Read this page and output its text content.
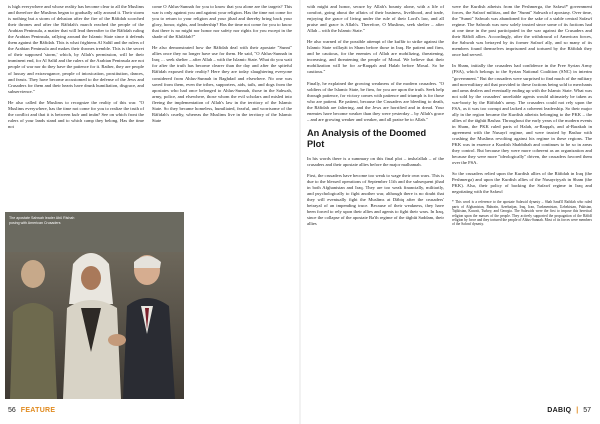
is high everywhere and whose reality has become clear to all the Muslims and therefore the Muslims began to gradually rally around it. Their storm is nothing but a storm of delusion after the fire of the Rāfidah scorched their thrones and after the Rāfidah's march reached the people of the Arabian Peninsula, a matter that will lead thereafter to the Rāfidah ruling the Arabian Peninsula, rallying around the Islamic State since it defends them against the Rāfidah. This is what frightens Al Salūl and the rulers of the Arabian Peninsula and makes their thrones tremble. This is the secret of their supposed 'storm,' which, by Allah's permission, will be their imminent end, for Al Salūl and the rulers of the Arabian Peninsula are not people of war nor do they have the patience for it. Rather, they are people of luxury and extravagance, people of intoxication, prostitution, dances, and feasts. They have become accustomed to the defense of the Jews and Crusaders for them and their hearts have drunk humiliation, disgrace, and subservience."

He also called the Muslims to recognize the reality of this war. "O Muslims everywhere, has the time not come for you to realize the truth of the conflict and that it is between kufr and imān? See on which front the rulers of your lands stand and to which camp they belong. Has the time not

come O Ahlus-Sunnah for you to know that you alone are the targets? This war is only against you and against your religion. Has the time not come for you to return to your religion and your jihad and thereby bring back your glory, honor, rights, and leadership? Has the time not come for you to know that there is no might nor honor nor safety nor rights for you except in the shade of the Khilāfah?"

He also demonstrated how the Rāfidah deal with their apostate "Sunni" allies once they no longer have use for them. He said, "O Ahlus-Sunnah in Iraq … seek shelter – after Allah – with the Islamic State. What do you wait for after the truth has become clearer than the day and after the spiteful Rāfidah exposed their reality? Here they are today slaughtering everyone considered from Ahlus-Sunnah in Baghdad and elsewhere. No one was saved from them, even the tribes, supporters, aids, tails, and dogs from the apostates who had once belonged to Ahlus-Sunnah, those in the Sahwah, army, police, and elsewhere, those whom the evil scholars and misled into fleeing the implementation of Allah's law in the territory of the Islamic State. So they became homeless, humiliated, fearful, and worrisome of the Rāfidah's cruelty, whereas the Muslims live in the territory of the Islamic State

The apostate Sahwah leader Abū Rishah posing with American Crusaders
56 FEATURE

with might and honor, secure by Allah's bounty alone, with a life of comfort, going about the affairs of their business, livelihood, and trade, enjoying the grace of living under the rule of their Lord's law, and all praise and grace is Allah's. Therefore, O Muslims, seek shelter – after Allah – with the Islamic State."

He also warned of the possible attempt of the kuffār to strike against the Islamic State willayāt in Sham before those in Iraq. Be patient and firm, and be cautious, for the enemies of Allah are mobilizing, threatening, increasing, and threatening the people of Mosul. We believe that their mobilization will be for ar-Raqqah and Halab before Mosul. So be cautious."

Finally, he explained the growing weakness of the modern crusaders. "O soldiers of the Islamic State, be firm, for you are upon the truth. Seek help through patience, for victory comes with patience and triumph is for those who are patient. Be patient, because the Crusaders are bleeding to death, the Rāfidah are faltering, and the Jews are horrified and in dread. Your enemies have become weaker than they were yesterday – by Allah's grace – and are growing weaker and weaker, and all praise be to Allah."

An Analysis of the Doomed Plot

In his words there is a summary on this final plot – insha'allah – of the crusaders and their apostate allies before the major malhamah.

First, the crusaders have become too weak to wage their own wars. This is due to the blessed operations of September 11th and the subsequent jihad in both Afghanistan and Iraq. They are too weak financially, militarily, and psychologically to fight another war, although there is no doubt that they will eventually fight the Muslims at Dābiq after the crusaders' betrayal of an impending truce. Because of their weakness, they have been forced to rely upon their allies and agents to fight their wars. In Iraq, since the collapse of the apostate Ba'th regime of the tāghūt Saddam, their allies

were the Kurdish atheists from the Peshmerga, the Safawī* government forces, the Safawī militias, and the "Sunni" Sahwah of apostasy. Over time, the "Sunni" Sahwah was abandoned for the sake of a stable central Safawī regime. The Sahwah was now solely trusted since some of its factions had at one time in the past participated in the war against the Crusaders and their Rāfidī allies. Accordingly, after the withdrawal of American forces, the Sahwah was betrayed by its former Safawī ally, and so many of its members found themselves imprisoned and tortured by the Rāfidah they once had served.

In Sham, initially the crusaders had confidence in the Free Syrian Army (FSA), which belongs to the Syrian National Coalition (SNC) in interim "government." But the crusaders were surprised to find much of the military and non-military aid that provided to these factions being sold to merchants and arms dealers and eventually ending up with the Islamic State. What was not sold by the crusaders' unreliable agents would ultimately be taken as war-booty by the Rāfidah's army. The crusaders could not rely upon the FSA, as it was too corrupt and lacked a coherent leadership. So their major ally in the region became the Kurdish atheists belonging to the PKK – the allies of the tāghūt Bashar. Throughout the early years of the modern events in Sham, the PKK ruled parts of Halab, ar-Raqqah, and al-Barakah in agreement with the Nusayrī regime, and were trusted by Bashar with crushing the Muslims revolting against his regime in these regions. The PKK was in essence a Kurdish Shabbihah and continues to be so in areas they control. But because they were more coherent as an organization and because they were more "ideologically" driven, the crusaders favored them over the FSA.

So the crusaders relied upon the Kurdish allies of the Rāfidah in Iraq (the Peshmerga) and upon the Kurdish allies of the Nusayriyyah in Sham (the PKK). Also, their policy of backing the Safawī regime in Iraq and negotiating with the Safawī

* This word is a reference to the apostate Safawid dynasty – Shah Ismā'īl Rafidah who ruled parts of Afghanistan, Bahrain, Azerbaijan, Iraq, Iran, Turkmenistan, Uzbekistan, Pakistan, Tajikistan, Kuwait, Turkey, and Georgia. The Safawids were the first to impose this heretical religion upon the masses of the people. They actively supported the propagation of the Rāfidī religion by force and they tortured the people of Ahlus-Sunnah. Most of its forces were members of the Safawī dynasty.
DABIQ | 57
